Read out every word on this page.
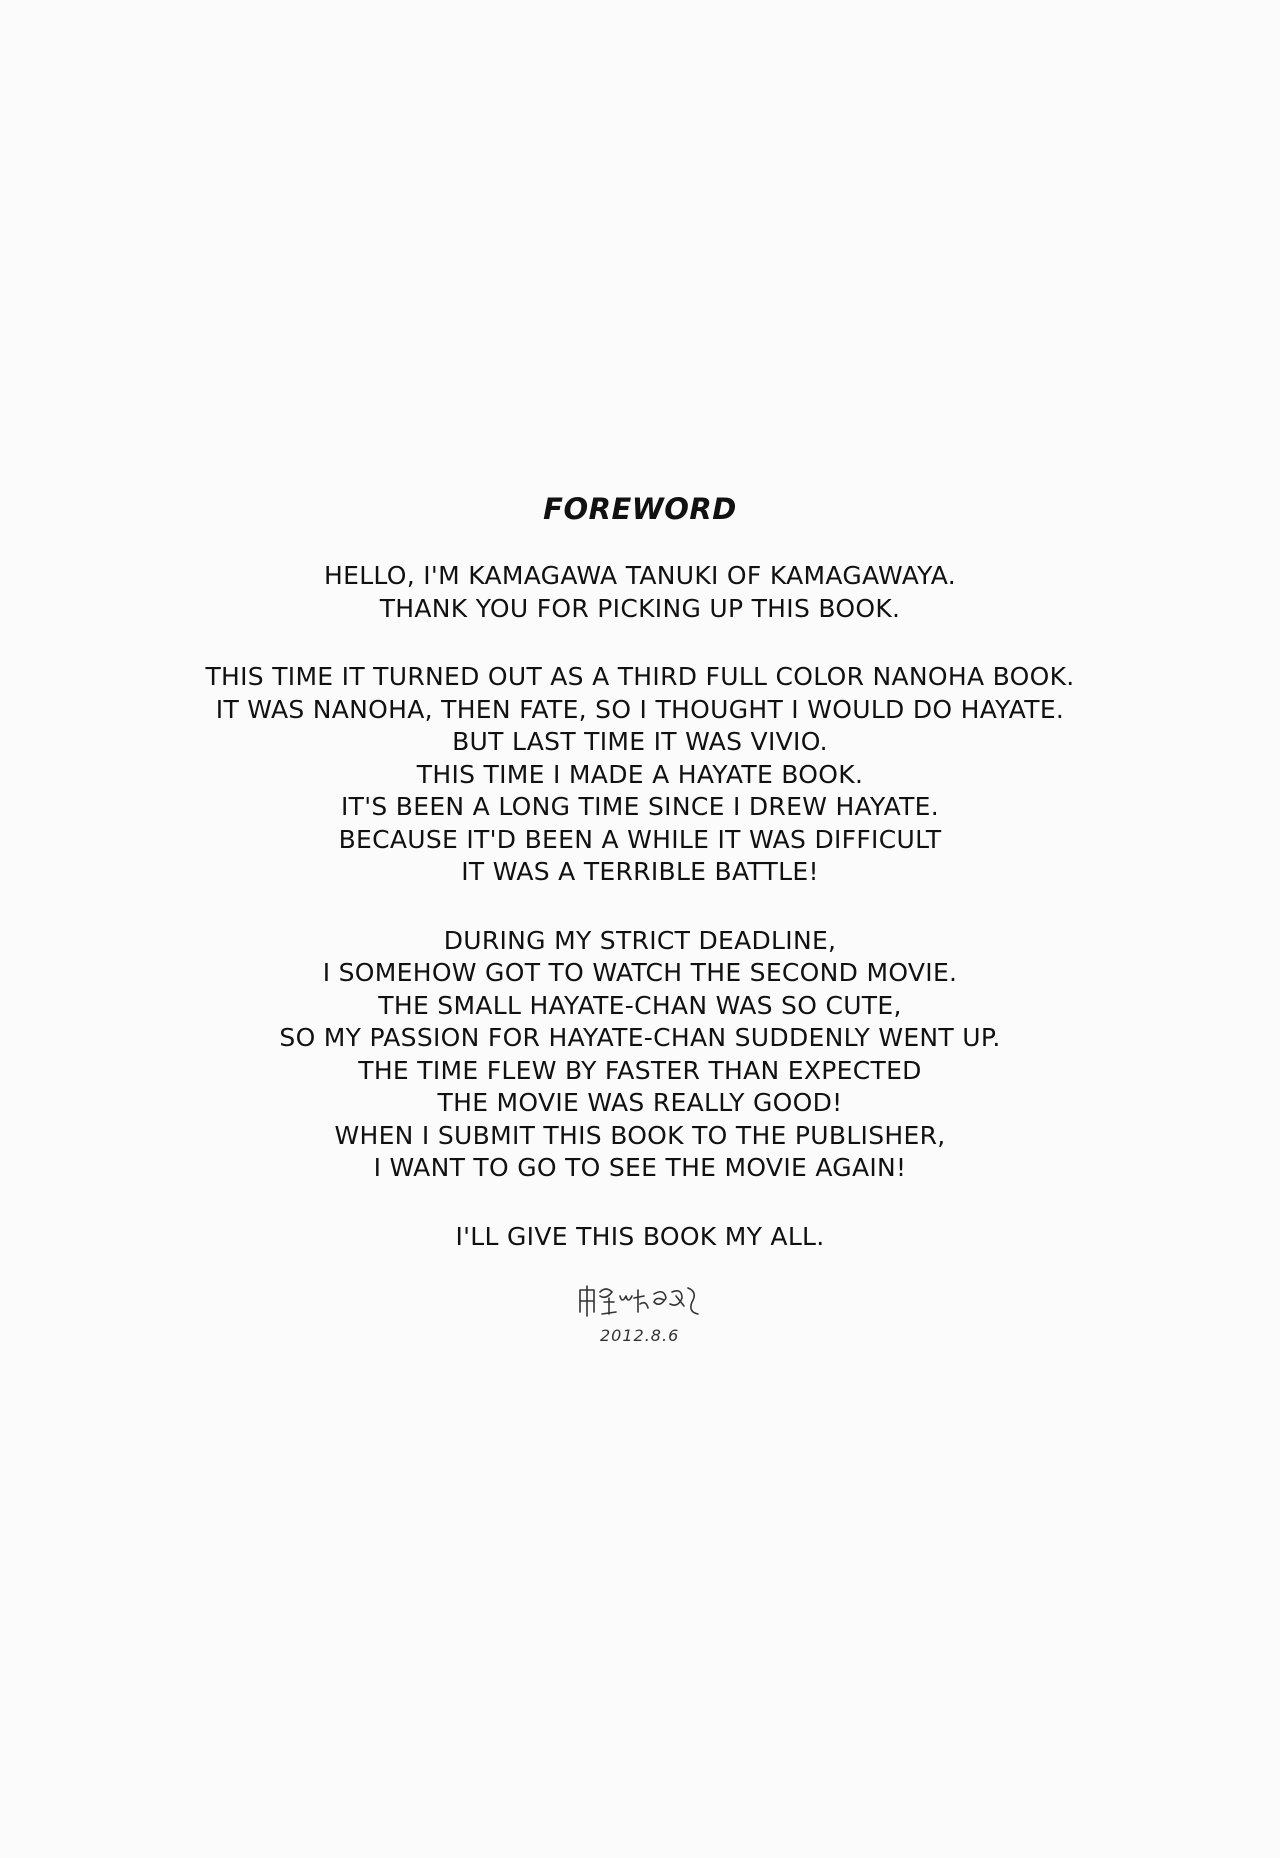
FOREWORD
HELLO, I'M KAMAGAWA TANUKI OF KAMAGAWAYA.
THANK YOU FOR PICKING UP THIS BOOK.
THIS TIME IT TURNED OUT AS A THIRD FULL COLOR NANOHA BOOK.
IT WAS NANOHA, THEN FATE, SO I THOUGHT I WOULD DO HAYATE.
BUT LAST TIME IT WAS VIVIO.
THIS TIME I MADE A HAYATE BOOK.
IT'S BEEN A LONG TIME SINCE I DREW HAYATE.
BECAUSE IT'D BEEN A WHILE IT WAS DIFFICULT
IT WAS A TERRIBLE BATTLE!
DURING MY STRICT DEADLINE,
I SOMEHOW GOT TO WATCH THE SECOND MOVIE.
THE SMALL HAYATE-CHAN WAS SO CUTE,
SO MY PASSION FOR HAYATE-CHAN SUDDENLY WENT UP.
THE TIME FLEW BY FASTER THAN EXPECTED
THE MOVIE WAS REALLY GOOD!
WHEN I SUBMIT THIS BOOK TO THE PUBLISHER,
I WANT TO GO TO SEE THE MOVIE AGAIN!
I'LL GIVE THIS BOOK MY ALL.
2012.8.6
